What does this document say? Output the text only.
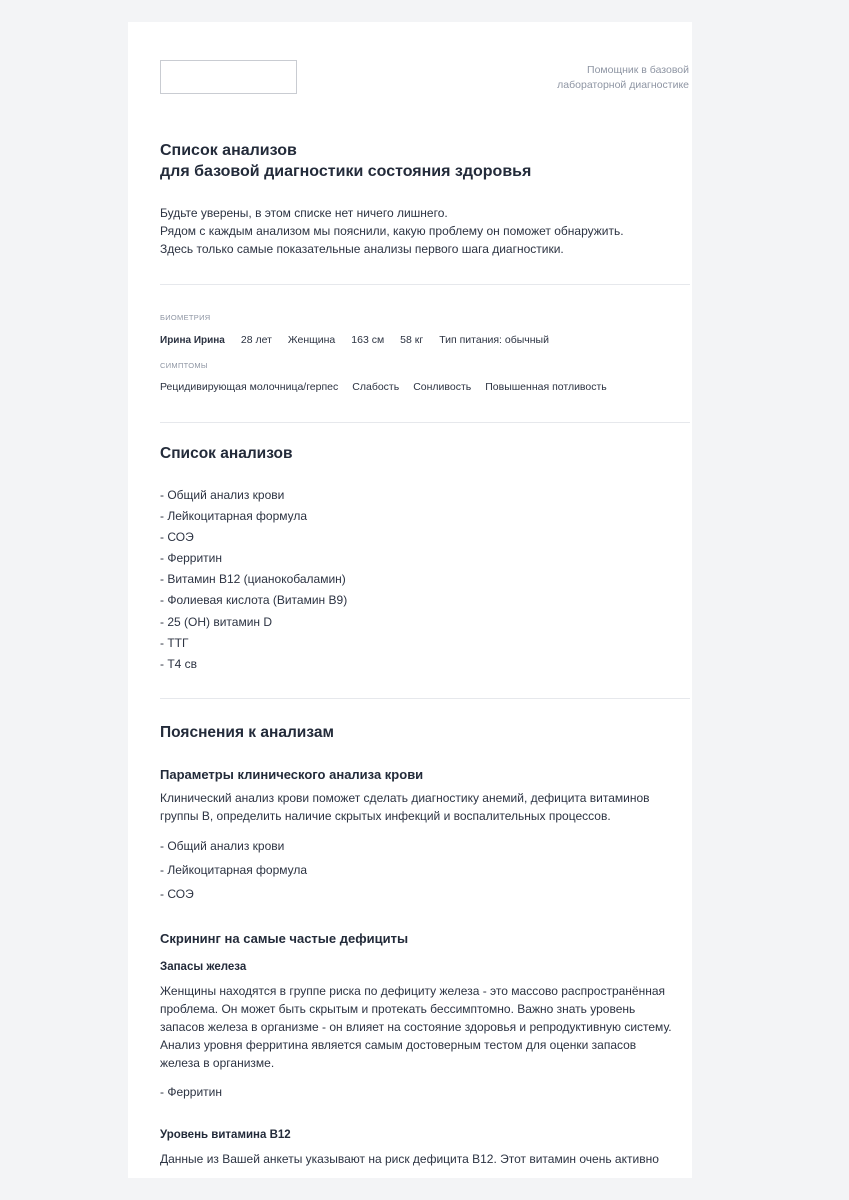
Помощник в базовой
лабораторной диагностике
Список анализов
для базовой диагностики состояния здоровья
Будьте уверены, в этом списке нет ничего лишнего.
Рядом с каждым анализом мы пояснили, какую проблему он поможет обнаружить.
Здесь только самые показательные анализы первого шага диагностики.
БИОМЕТРИЯ
Ирина Ирина 28 лет Женщина 163 см 58 кг Тип питания: обычный
СИМПТОМЫ
Рецидивирующая молочница/герпес Слабость Сонливость Повышенная потливость
Список анализов
- Общий анализ крови
- Лейкоцитарная формула
- СОЭ
- Ферритин
- Витамин B12 (цианокобаламин)
- Фолиевая кислота (Витамин B9)
- 25 (OH) витамин D
- ТТГ
- Т4 св
Пояснения к анализам
Параметры клинического анализа крови
Клинический анализ крови поможет сделать диагностику анемий, дефицита витаминов
группы B, определить наличие скрытых инфекций и воспалительных процессов.
- Общий анализ крови
- Лейкоцитарная формула
- СОЭ
Скрининг на самые частые дефициты
Запасы железа
Женщины находятся в группе риска по дефициту железа - это массово распространённая
проблема. Он может быть скрытым и протекать бессимптомно. Важно знать уровень
запасов железа в организме - он влияет на состояние здоровья и репродуктивную систему.
Анализ уровня ферритина является самым достоверным тестом для оценки запасов
железа в организме.
- Ферритин
Уровень витамина B12
Данные из Вашей анкеты указывают на риск дефицита B12. Этот витамин очень активно
